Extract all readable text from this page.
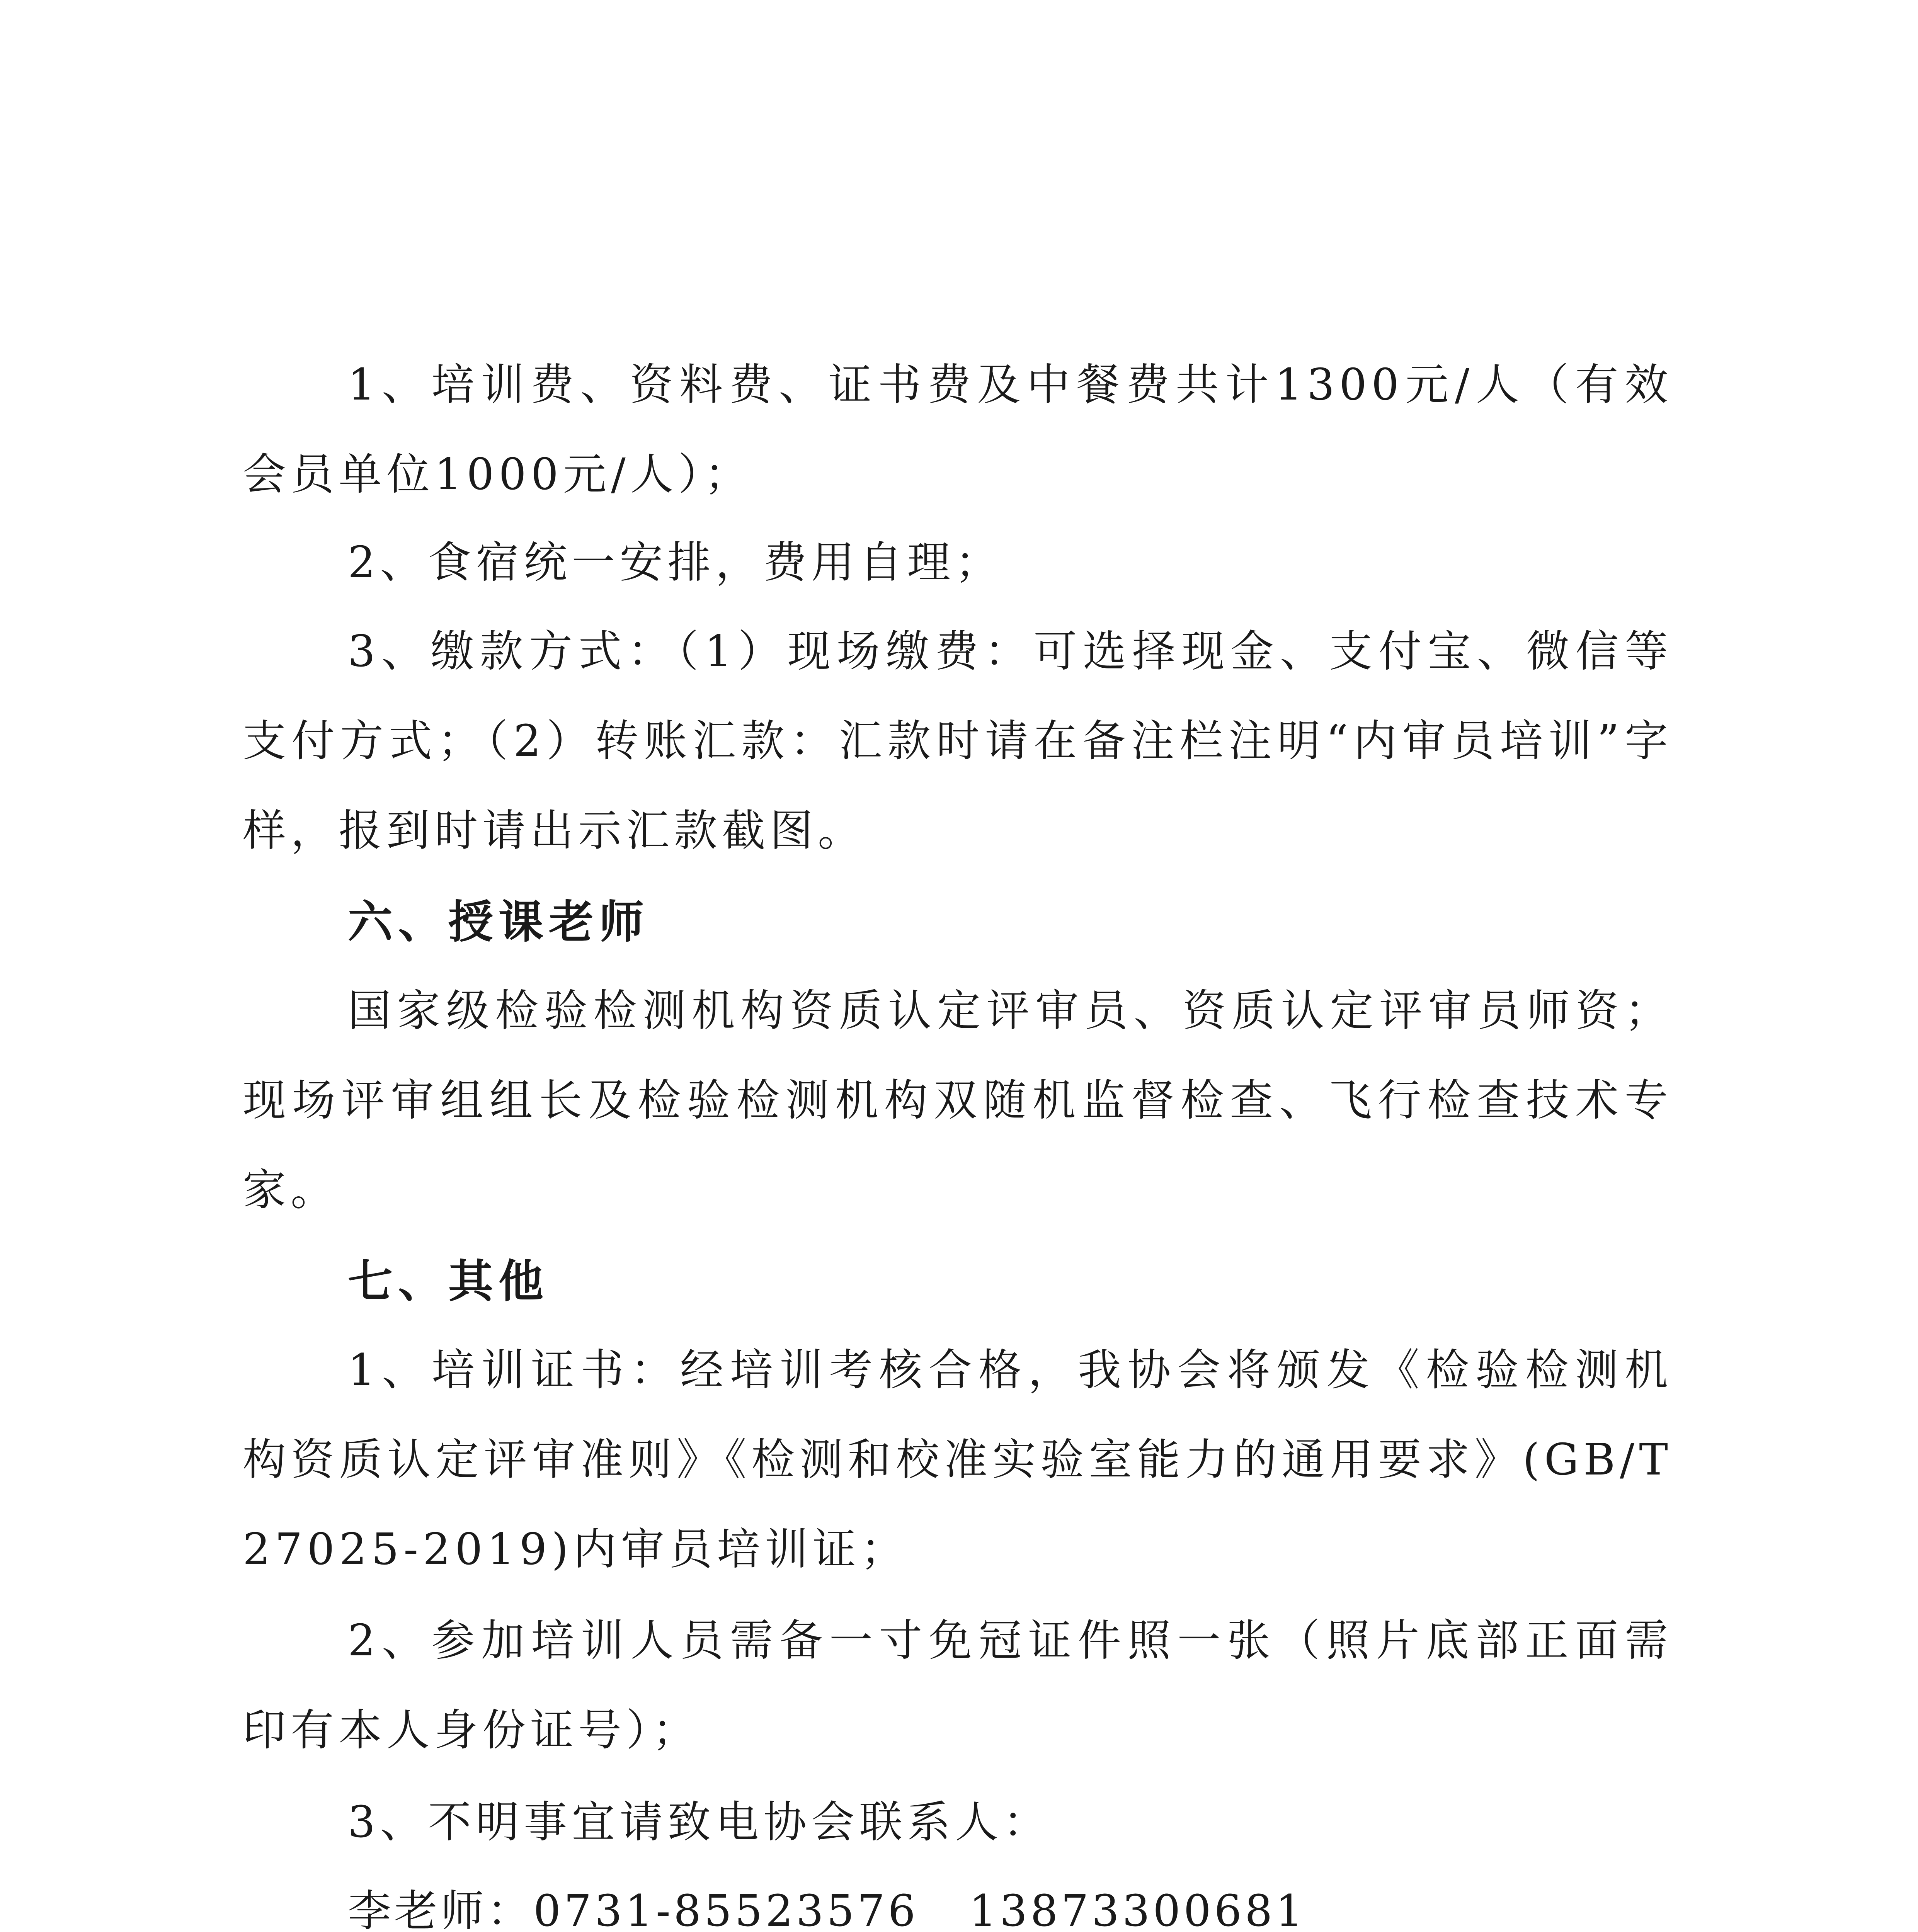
1、培训费、资料费、证书费及中餐费共计1300元/人（有效会员单位1000元/人）；

2、食宿统一安排，费用自理；

3、缴款方式：（1）现场缴费：可选择现金、支付宝、微信等支付方式；（2）转账汇款：汇款时请在备注栏注明“内审员培训”字样，报到时请出示汇款截图。

六、授课老师

国家级检验检测机构资质认定评审员、资质认定评审员师资；现场评审组组长及检验检测机构双随机监督检查、飞行检查技术专家。

七、其他

1、培训证书：经培训考核合格，我协会将颁发《检验检测机构资质认定评审准则》《检测和校准实验室能力的通用要求》(GB/T 27025-2019)内审员培训证；

2、参加培训人员需备一寸免冠证件照一张（照片底部正面需印有本人身份证号）；

3、不明事宜请致电协会联系人：

李老师：0731-85523576   13873300681
